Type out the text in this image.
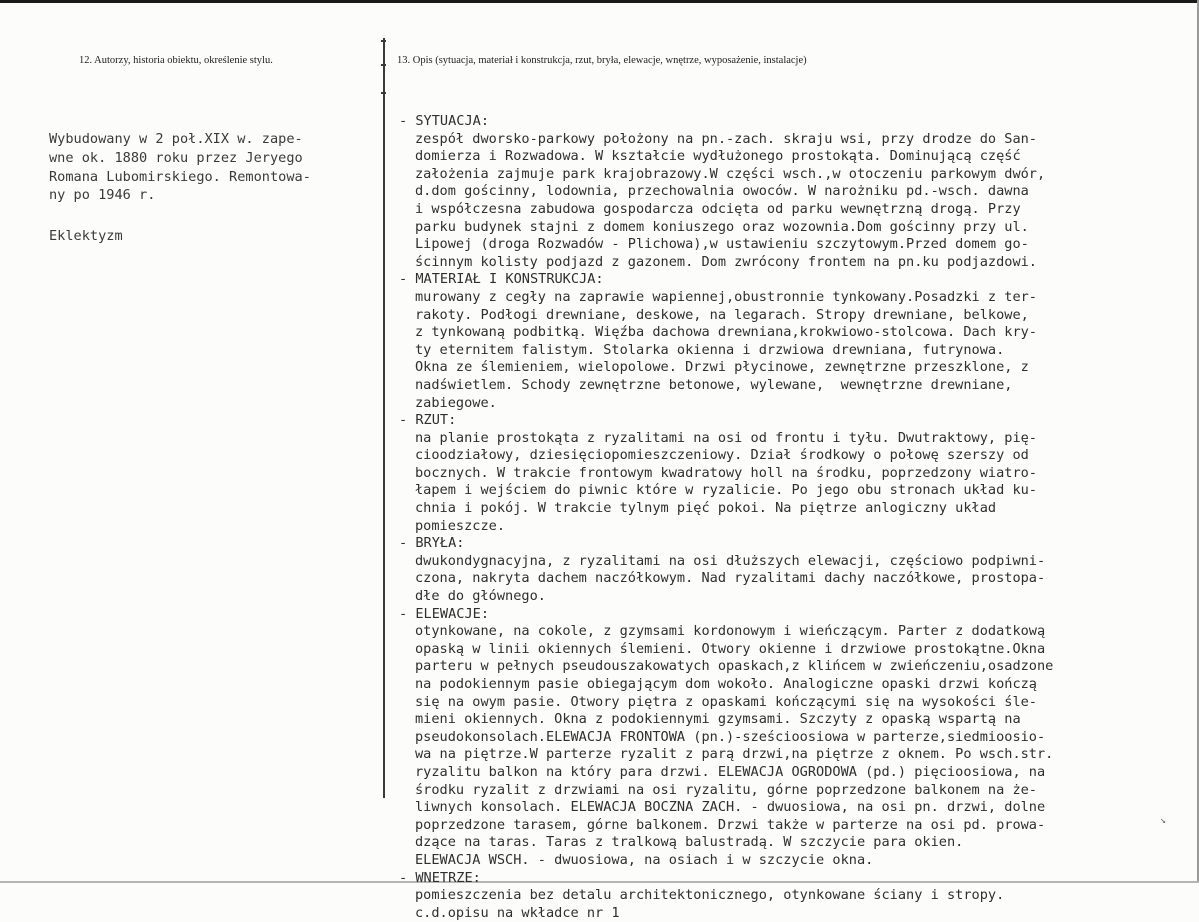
12. Autorzy, historia obiektu, określenie stylu.	13. Opis (sytuacja, materiał i konstrukcja, rzut, bryła, elewacje, wnętrze, wyposażenie, instalacje)
Wybudowany w 2 poł.XIX w. zape-
wne ok. 1880 roku przez Jeryego
Romana Lubomirskiego. Remontowa-
ny po 1946 r.
Eklektyzm
- SYTUACJA:
zespół dworsko-parkowy położony na pn.-zach. skraju wsi, przy drodze do San-
domierza i Rozwadowa. W kształcie wydłużonego prostokąta. Dominującą część
założenia zajmuje park krajobrazowy.W części wsch.,w otoczeniu parkowym dwór,
d.dom gościnny, lodownia, przechowalnia owoców. W narożniku pd.-wsch. dawna
i współczesna zabudowa gospodarcza odcięta od parku wewnętrzną drogą. Przy
parku budynek stajni z domem koniuszego oraz wozownia.Dom gościnny przy ul.
Lipowej (droga Rozwadów - Plichowa),w ustawieniu szczytowym.Przed domem go-
ścinnym kolisty podjazd z gazonem. Dom zwrócony frontem na pn.ku podjazdowi.
- MATERIAŁ I KONSTRUKCJA:
murowany z cegły na zaprawie wapiennej,obustronnie tynkowany.Posadzki z ter-
rakoty. Podłogi drewniane, deskowe, na legarach. Stropy drewniane, belkowe,
z tynkowaną podbitką. Więźba dachowa drewniana,krokwiowo-stolcowa. Dach kry-
ty eternitem falistym. Stolarka okienna i drzwiowa drewniana, futrynowa.
Okna ze ślemieniem, wielopolowe. Drzwi płycinowe, zewnętrzne przeszklone, z
nadświetlem. Schody zewnętrzne betonowe, wylewane,  wewnętrzne drewniane,
zabiegowe.
- RZUT:
na planie prostokąta z ryzalitami na osi od frontu i tyłu. Dwutraktowy, pię-
cioodziałowy, dziesięciopomieszczeniowy. Dział środkowy o połowę szerszy od
bocznych. W trakcie frontowym kwadratowy holl na środku, poprzedzony wiatro-
łapem i wejściem do piwnic które w ryzalicie. Po jego obu stronach układ ku-
chnia i pokój. W trakcie tylnym pięć pokoi. Na piętrze anlogiczny układ
pomieszcze.
- BRYŁA:
dwukondygnacyjna, z ryzalitami na osi dłuższych elewacji, częściowo podpiwni-
czona, nakryta dachem naczółkowym. Nad ryzalitami dachy naczółkowe, prostopa-
dłe do głównego.
- ELEWACJE:
otynkowane, na cokole, z gzymsami kordonowym i wieńczącym. Parter z dodatkową
opaską w linii okiennych ślemieni. Otwory okienne i drzwiowe prostokątne.Okna
parteru w pełnych pseudouszakowatych opaskach,z klińcem w zwieńczeniu,osadzone
na podokiennym pasie obiegającym dom wokoło. Analogiczne opaski drzwi kończą
się na owym pasie. Otwory piętra z opaskami kończącymi się na wysokości śle-
mieni okiennych. Okna z podokiennymi gzymsami. Szczyty z opaską wspartą na
pseudokonsolach.ELEWACJA FRONTOWA (pn.)-sześcioosiowa w parterze,siedmioosio-
wa na piętrze.W parterze ryzalit z parą drzwi,na piętrze z oknem. Po wsch.str.
ryzalitu balkon na który para drzwi. ELEWACJA OGRODOWA (pd.) pięcioosiowa, na
środku ryzalit z drzwiami na osi ryzalitu, górne poprzedzone balkonem na że-
liwnych konsolach. ELEWACJA BOCZNA ZACH. - dwuosiowa, na osi pn. drzwi, dolne
poprzedzone tarasem, górne balkonem. Drzwi także w parterze na osi pd. prowa-
dzące na taras. Taras z tralkową balustradą. W szczycie para okien.
ELEWACJA WSCH. - dwuosiowa, na osiach i w szczycie okna.
- WNETRZE:
pomieszczenia bez detalu architektonicznego, otynkowane ściany i stropy.
c.d.opisu na wkładce nr 1
↘
